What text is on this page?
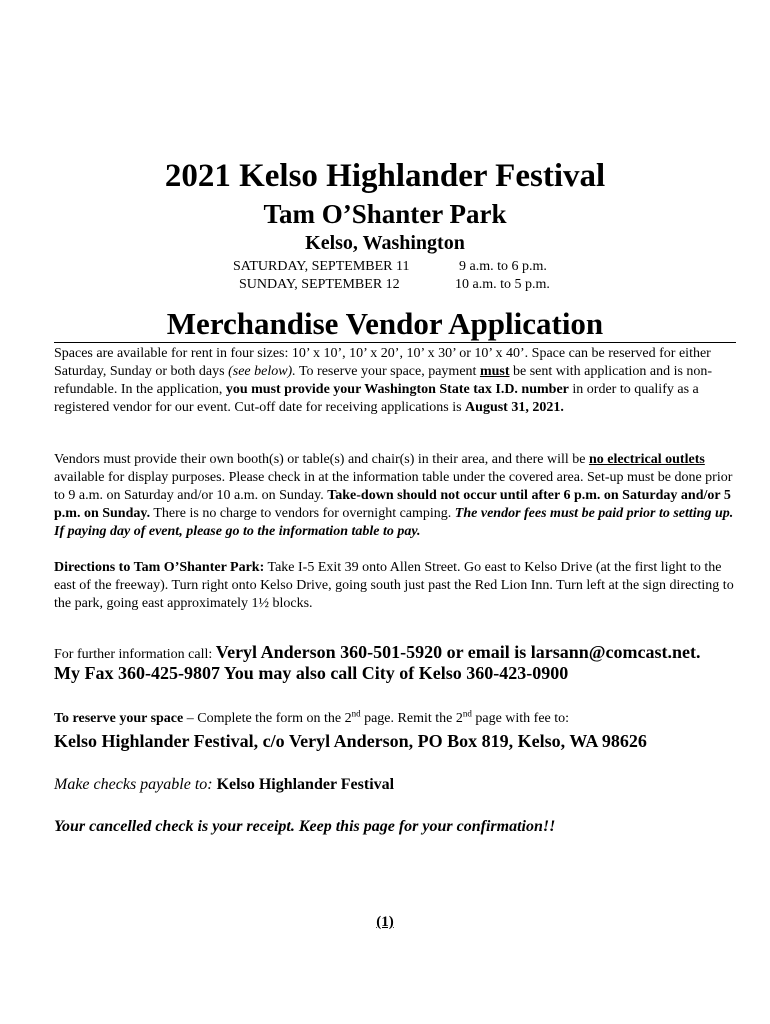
2021 Kelso Highlander Festival
Tam O’Shanter Park
Kelso, Washington
SATURDAY, SEPTEMBER 11	9 a.m. to 6 p.m.
SUNDAY, SEPTEMBER 12	10 a.m. to 5 p.m.
Merchandise Vendor Application
Spaces are available for rent in four sizes: 10’ x 10’, 10’ x 20’, 10’ x 30’ or 10’ x 40’. Space can be reserved for either Saturday, Sunday or both days (see below). To reserve your space, payment must be sent with application and is non-refundable. In the application, you must provide your Washington State tax I.D. number in order to qualify as a registered vendor for our event. Cut-off date for receiving applications is August 31, 2021.
Vendors must provide their own booth(s) or table(s) and chair(s) in their area, and there will be no electrical outlets available for display purposes. Please check in at the information table under the covered area. Set-up must be done prior to 9 a.m. on Saturday and/or 10 a.m. on Sunday. Take-down should not occur until after 6 p.m. on Saturday and/or 5 p.m. on Sunday. There is no charge to vendors for overnight camping. The vendor fees must be paid prior to setting up. If paying day of event, please go to the information table to pay.
Directions to Tam O’Shanter Park: Take I-5 Exit 39 onto Allen Street. Go east to Kelso Drive (at the first light to the east of the freeway). Turn right onto Kelso Drive, going south just past the Red Lion Inn. Turn left at the sign directing to the park, going east approximately 1½ blocks.
For further information call: Veryl Anderson 360-501-5920 or email is larsann@comcast.net.
My Fax 360-425-9807 You may also call City of Kelso 360-423-0900
To reserve your space – Complete the form on the 2nd page. Remit the 2nd page with fee to:
Kelso Highlander Festival, c/o Veryl Anderson, PO Box 819, Kelso, WA 98626
Make checks payable to: Kelso Highlander Festival
Your cancelled check is your receipt. Keep this page for your confirmation!!
(1)
